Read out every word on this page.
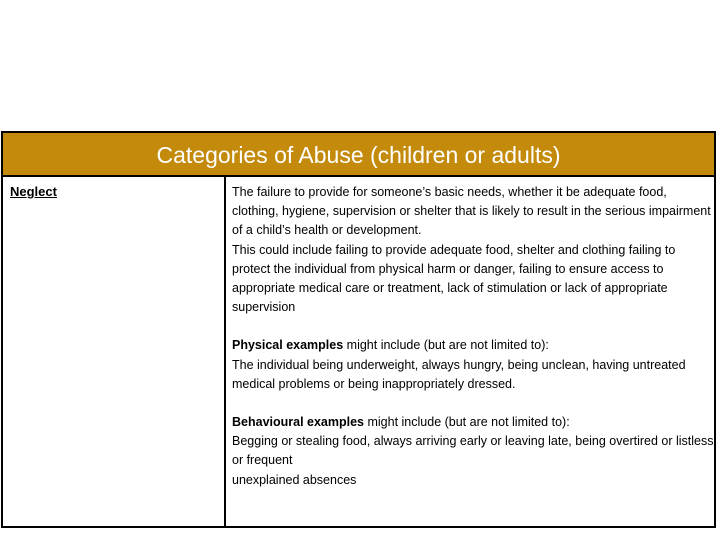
Categories of Abuse (children or adults)
Neglect	The failure to provide for someone’s basic needs, whether it be adequate food, clothing, hygiene, supervision or shelter that is likely to result in the serious impairment of a child’s health or development.

This could include failing to provide adequate food, shelter and clothing failing to protect the individual from physical harm or danger, failing to ensure access to appropriate medical care or treatment, lack of stimulation or lack of appropriate supervision

Physical examples might include (but are not limited to):

The individual being underweight, always hungry, being unclean, having untreated medical problems or being inappropriately dressed.

Behavioural examples might include (but are not limited to):

Begging or stealing food, always arriving early or leaving late, being overtired or listless or frequent

unexplained absences
